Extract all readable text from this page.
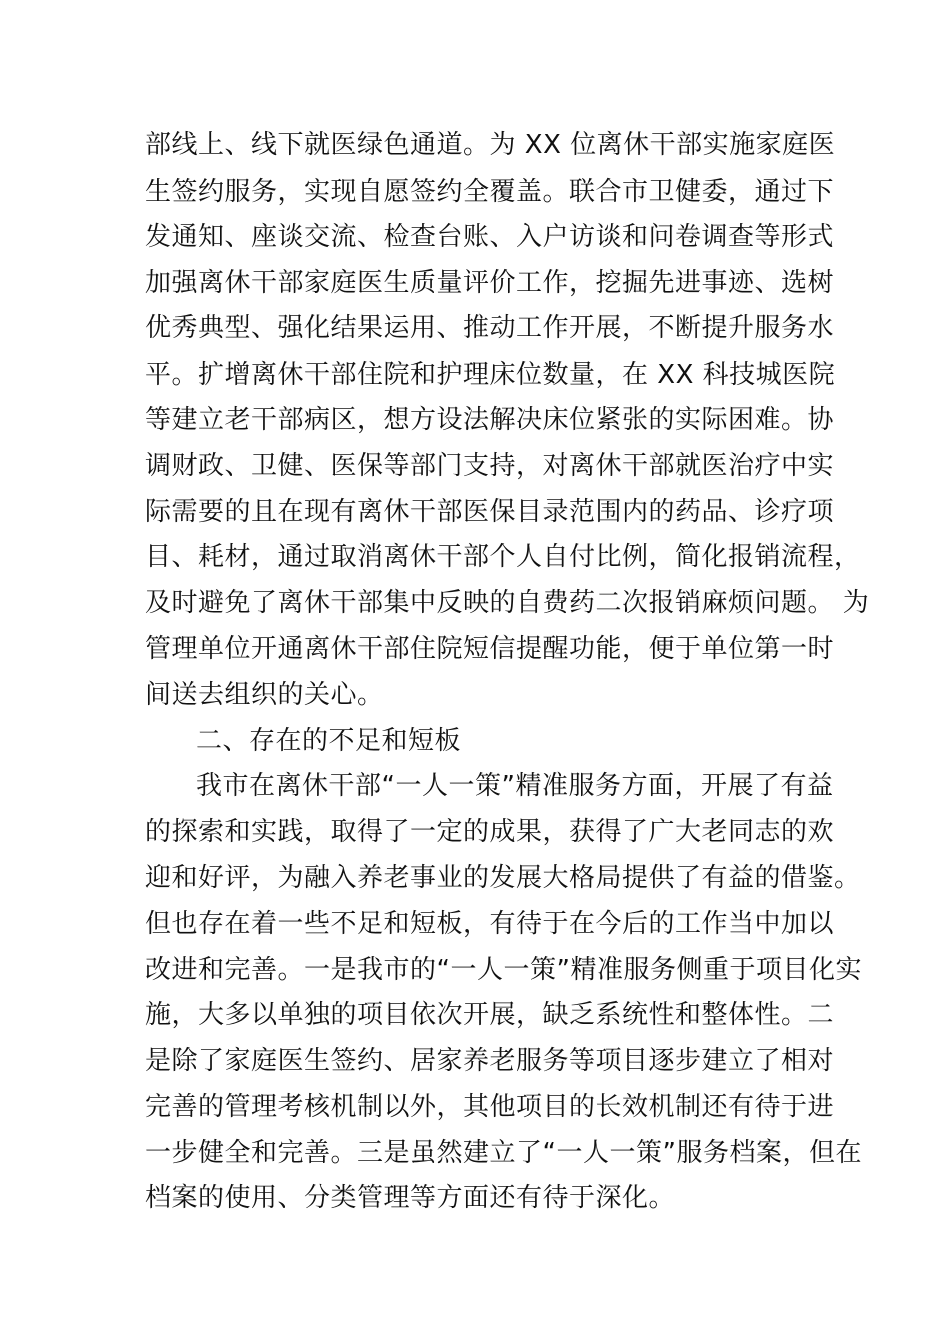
部线上、线下就医绿色通道。为 XX 位离休干部实施家庭医
生签约服务，实现自愿签约全覆盖。联合市卫健委，通过下
发通知、座谈交流、检查台账、入户访谈和问卷调查等形式
加强离休干部家庭医生质量评价工作，挖掘先进事迹、选树
优秀典型、强化结果运用、推动工作开展，不断提升服务水
平。扩增离休干部住院和护理床位数量，在 XX 科技城医院
等建立老干部病区，想方设法解决床位紧张的实际困难。协
调财政、卫健、医保等部门支持，对离休干部就医治疗中实
际需要的且在现有离休干部医保目录范围内的药品、诊疗项
目、耗材，通过取消离休干部个人自付比例，简化报销流程，
及时避免了离休干部集中反映的自费药二次报销麻烦问题。 为
管理单位开通离休干部住院短信提醒功能，便于单位第一时
间送去组织的关心。
二、存在的不足和短板
我市在离休干部“一人一策”精准服务方面，开展了有益
的探索和实践，取得了一定的成果，获得了广大老同志的欢
迎和好评，为融入养老事业的发展大格局提供了有益的借鉴。
但也存在着一些不足和短板，有待于在今后的工作当中加以
改进和完善。一是我市的“一人一策”精准服务侧重于项目化实
施，大多以单独的项目依次开展，缺乏系统性和整体性。二
是除了家庭医生签约、居家养老服务等项目逐步建立了相对
完善的管理考核机制以外，其他项目的长效机制还有待于进
一步健全和完善。三是虽然建立了“一人一策”服务档案，但在
档案的使用、分类管理等方面还有待于深化。
